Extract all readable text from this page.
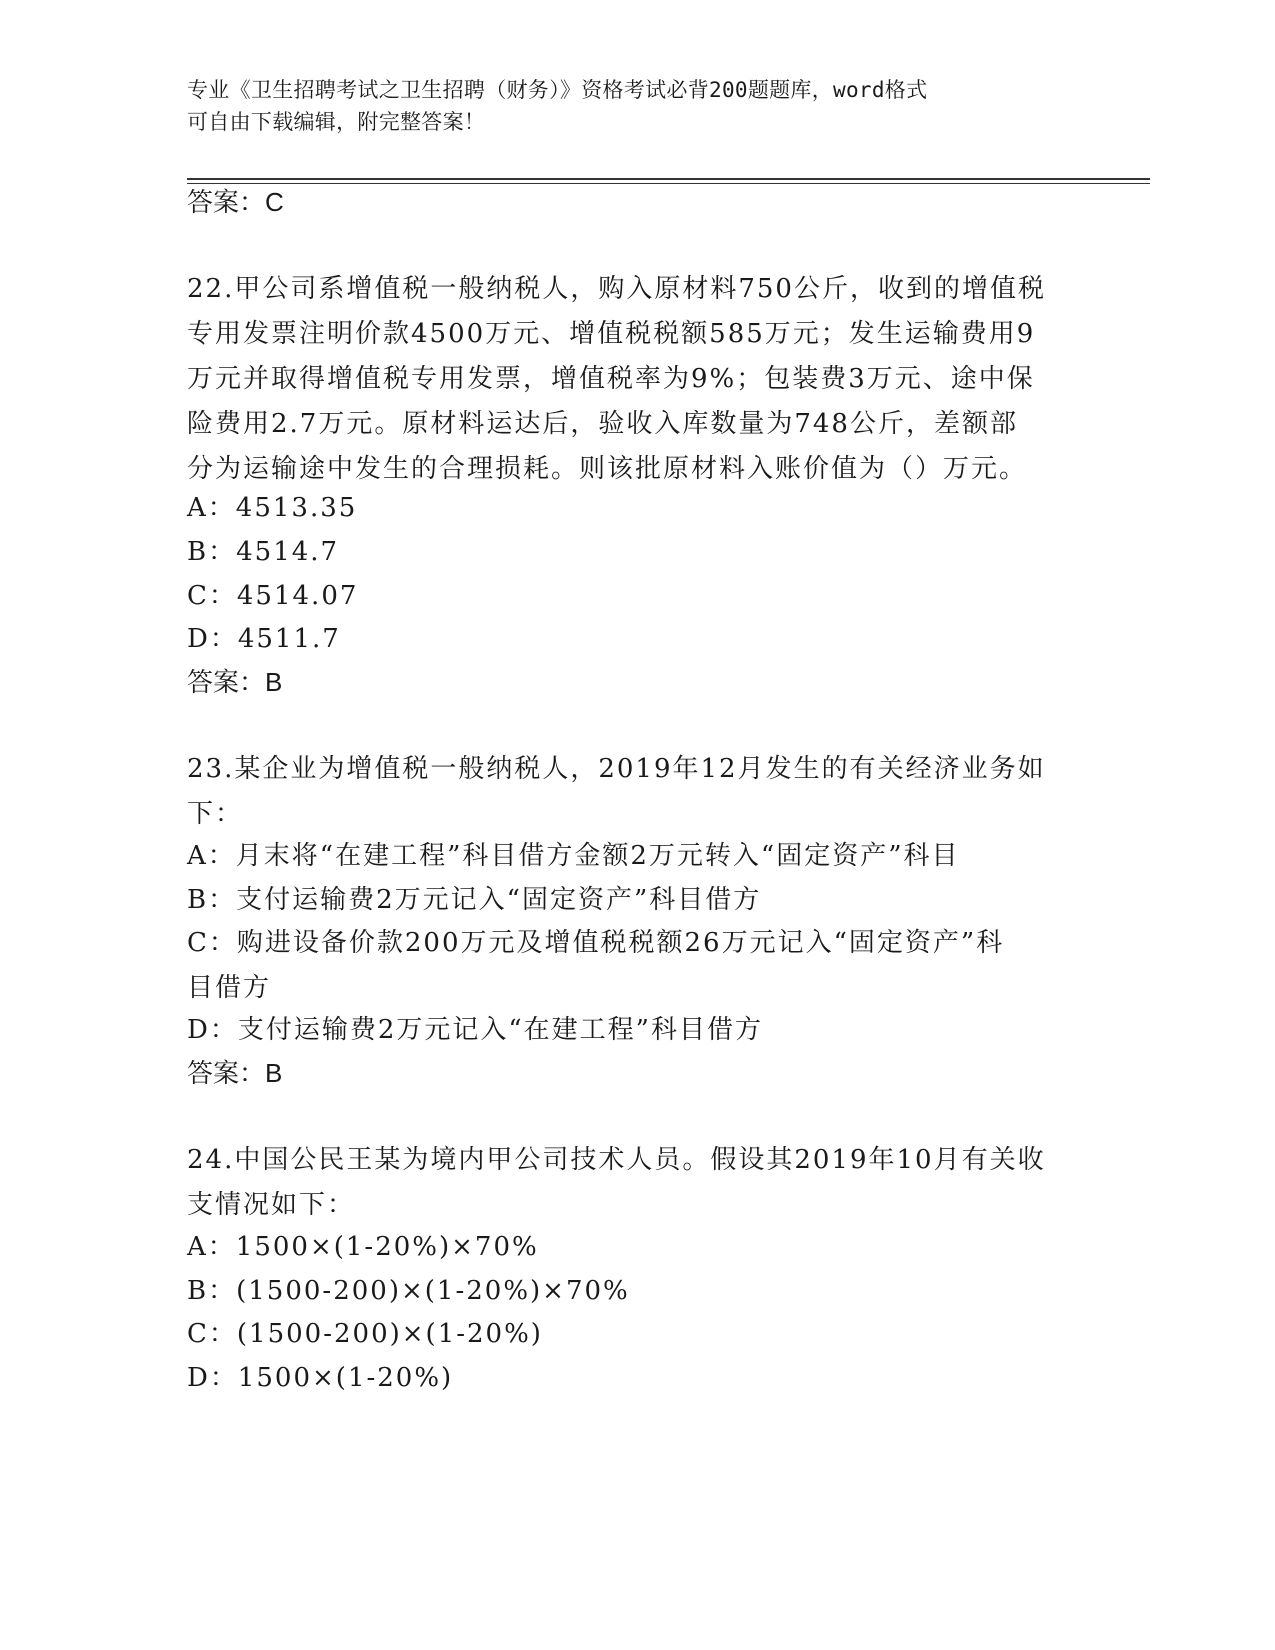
专业《卫生招聘考试之卫生招聘（财务）》资格考试必背200题题库，word格式
可自由下载编辑，附完整答案！
答案：C
22.甲公司系增值税一般纳税人，购入原材料750公斤，收到的增值税
专用发票注明价款4500万元、增值税税额585万元；发生运输费用9
万元并取得增值税专用发票，增值税率为9%；包装费3万元、途中保
险费用2.7万元。原材料运达后，验收入库数量为748公斤，差额部
分为运输途中发生的合理损耗。则该批原材料入账价值为（）万元。
A：4513.35
B：4514.7
C：4514.07
D：4511.7
答案：B
23.某企业为增值税一般纳税人，2019年12月发生的有关经济业务如
下：
A：月末将“在建工程”科目借方金额2万元转入“固定资产”科目
B：支付运输费2万元记入“固定资产”科目借方
C：购进设备价款200万元及增值税税额26万元记入“固定资产”科
目借方
D：支付运输费2万元记入“在建工程”科目借方
答案：B
24.中国公民王某为境内甲公司技术人员。假设其2019年10月有关收
支情况如下：
A：1500×(1-20%)×70%
B：(1500-200)×(1-20%)×70%
C：(1500-200)×(1-20%)
D：1500×(1-20%)
